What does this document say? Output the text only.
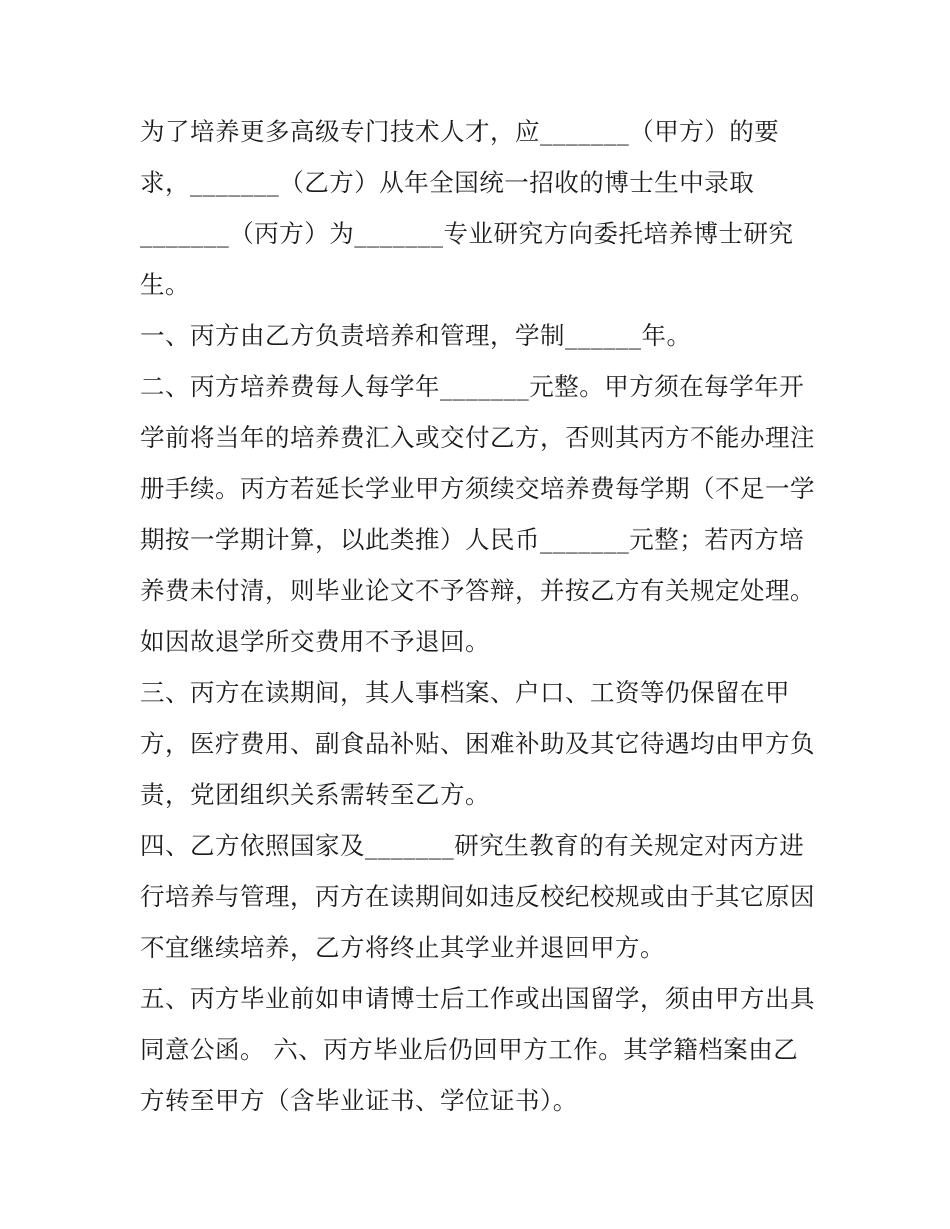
为了培养更多高级专门技术人才，应_______（甲方）的要
求，_______（乙方）从年全国统一招收的博士生中录取
_______（丙方）为_______专业研究方向委托培养博士研究
生。
一、丙方由乙方负责培养和管理，学制______年。
二、丙方培养费每人每学年_______元整。甲方须在每学年开
学前将当年的培养费汇入或交付乙方，否则其丙方不能办理注
册手续。丙方若延长学业甲方须续交培养费每学期（不足一学
期按一学期计算，以此类推）人民币_______元整；若丙方培
养费未付清，则毕业论文不予答辩，并按乙方有关规定处理。
如因故退学所交费用不予退回。
三、丙方在读期间，其人事档案、户口、工资等仍保留在甲
方，医疗费用、副食品补贴、困难补助及其它待遇均由甲方负
责，党团组织关系需转至乙方。
四、乙方依照国家及_______研究生教育的有关规定对丙方进
行培养与管理，丙方在读期间如违反校纪校规或由于其它原因
不宜继续培养，乙方将终止其学业并退回甲方。
五、丙方毕业前如申请博士后工作或出国留学，须由甲方出具
同意公函。 六、丙方毕业后仍回甲方工作。其学籍档案由乙
方转至甲方（含毕业证书、学位证书）。
